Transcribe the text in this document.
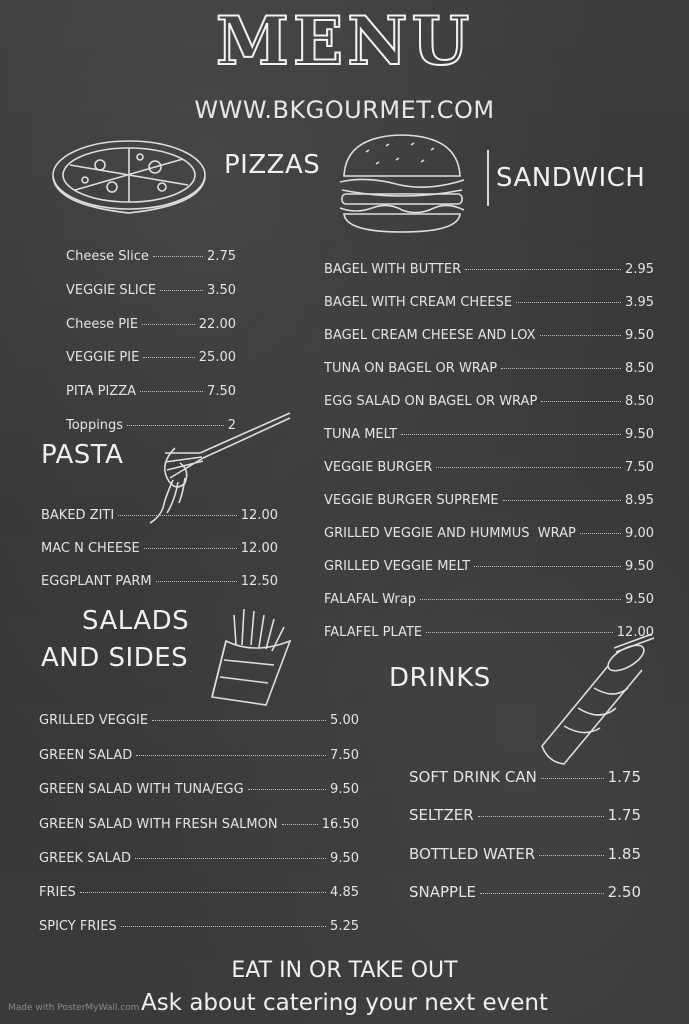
MENU
WWW.BKGOURMET.COM
PIZZAS
Cheese Slice	2.75
VEGGIE SLICE	3.50
Cheese PIE	22.00
VEGGIE PIE	25.00
PITA PIZZA	7.50
Toppings	2
SANDWICH
BAGEL WITH BUTTER	2.95
BAGEL WITH CREAM CHEESE	3.95
BAGEL CREAM CHEESE AND LOX	9.50
TUNA ON BAGEL OR WRAP	8.50
EGG SALAD ON BAGEL OR WRAP	8.50
TUNA MELT	9.50
VEGGIE BURGER	7.50
VEGGIE BURGER SUPREME	8.95
GRILLED VEGGIE AND HUMMUS  WRAP	9.00
GRILLED VEGGIE MELT	9.50
FALAFAL Wrap	9.50
FALAFEL PLATE	12.00
PASTA
BAKED ZITI	12.00
MAC N CHEESE	12.00
EGGPLANT PARM	12.50
SALADS
AND SIDES
GRILLED VEGGIE	5.00
GREEN SALAD	7.50
GREEN SALAD WITH TUNA/EGG	9.50
GREEN SALAD WITH FRESH SALMON	16.50
GREEK SALAD	9.50
FRIES	4.85
SPICY FRIES	5.25
DRINKS
SOFT DRINK CAN	1.75
SELTZER	1.75
BOTTLED WATER	1.85
SNAPPLE	2.50
EAT IN OR TAKE OUT
Ask about catering your next event
Made with PosterMyWall.com
